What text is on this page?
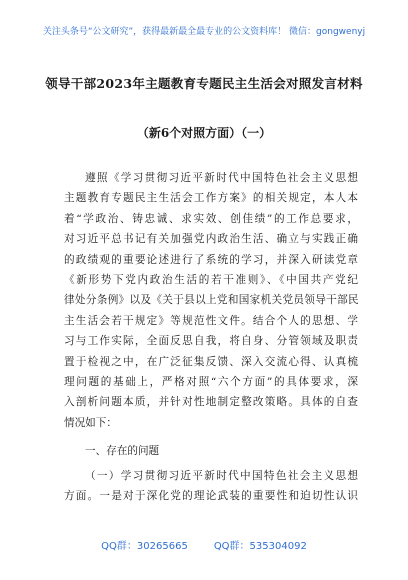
关注头条号“公文研究”，获得最新最全最专业的公文资料库！ 微信：gongwenyj
领导干部2023年主题教育专题民主生活会对照发言材料
（新6个对照方面）（一）
遵照《学习贯彻习近平新时代中国特色社会主义思想
主题教育专题民主生活会工作方案》的相关规定，本人本
着“学政治、铸忠诚、求实效、创佳绩”的工作总要求，
对习近平总书记有关加强党内政治生活、确立与实践正确
的政绩观的重要论述进行了系统的学习，并深入研读党章
《新形势下党内政治生活的若干准则》、《中国共产党纪
律处分条例》以及《关于县以上党和国家机关党员领导干部民
主生活会若干规定》等规范性文件。结合个人的思想、学
习与工作实际，全面反思自我，将自身、分管领域及职责
置于检视之中，在广泛征集反馈、深入交流心得、认真梳
理问题的基础上，严格对照“六个方面”的具体要求，深
入剖析问题本质，并针对性地制定整改策略。具体的自查
情况如下：
一、存在的问题
（一）学习贯彻习近平新时代中国特色社会主义思想
方面。一是对于深化党的理论武装的重要性和迫切性认识
QQ群：30265665	QQ群：535304092
